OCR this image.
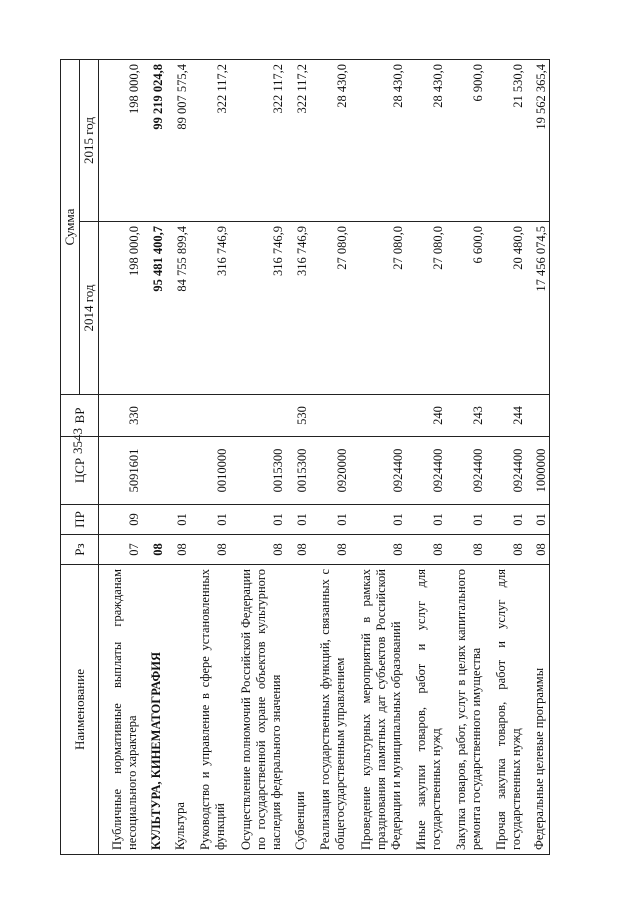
3543
Наименование	Рз	ПР	ЦСР	ВР	Сумма	
					2014 год	2015 год
Публичные нормативные выплаты гражданам несоциального характера	07	09	5091601	330	198 000,0	198 000,0
КУЛЬТУРА, КИНЕМАТОГРАФИЯ	08				95 481 400,7	99 219 024,8
Культура	08	01			84 755 899,4	89 007 575,4
Руководство и управление в сфере установленных функций	08	01	0010000		316 746,9	322 117,2
Осуществление полномочий Российской Федерации по государственной охране объектов культурного наследия федерального значения	08	01	0015300		316 746,9	322 117,2
Субвенции	08	01	0015300	530	316 746,9	322 117,2
Реализация государственных функций, связанных с общегосударственным управлением	08	01	0920000		27 080,0	28 430,0
Проведение культурных мероприятий в рамках празднования памятных дат субъектов Российской Федерации и муниципальных образований	08	01	0924400		27 080,0	28 430,0
Иные закупки товаров, работ и услуг для государственных нужд	08	01	0924400	240	27 080,0	28 430,0
Закупка товаров, работ, услуг в целях капитального ремонта государственного имущества	08	01	0924400	243	6 600,0	6 900,0
Прочая закупка товаров, работ и услуг для государственных нужд	08	01	0924400	244	20 480,0	21 530,0
Федеральные целевые программы	08	01	1000000		17 456 074,5	19 562 365,4
